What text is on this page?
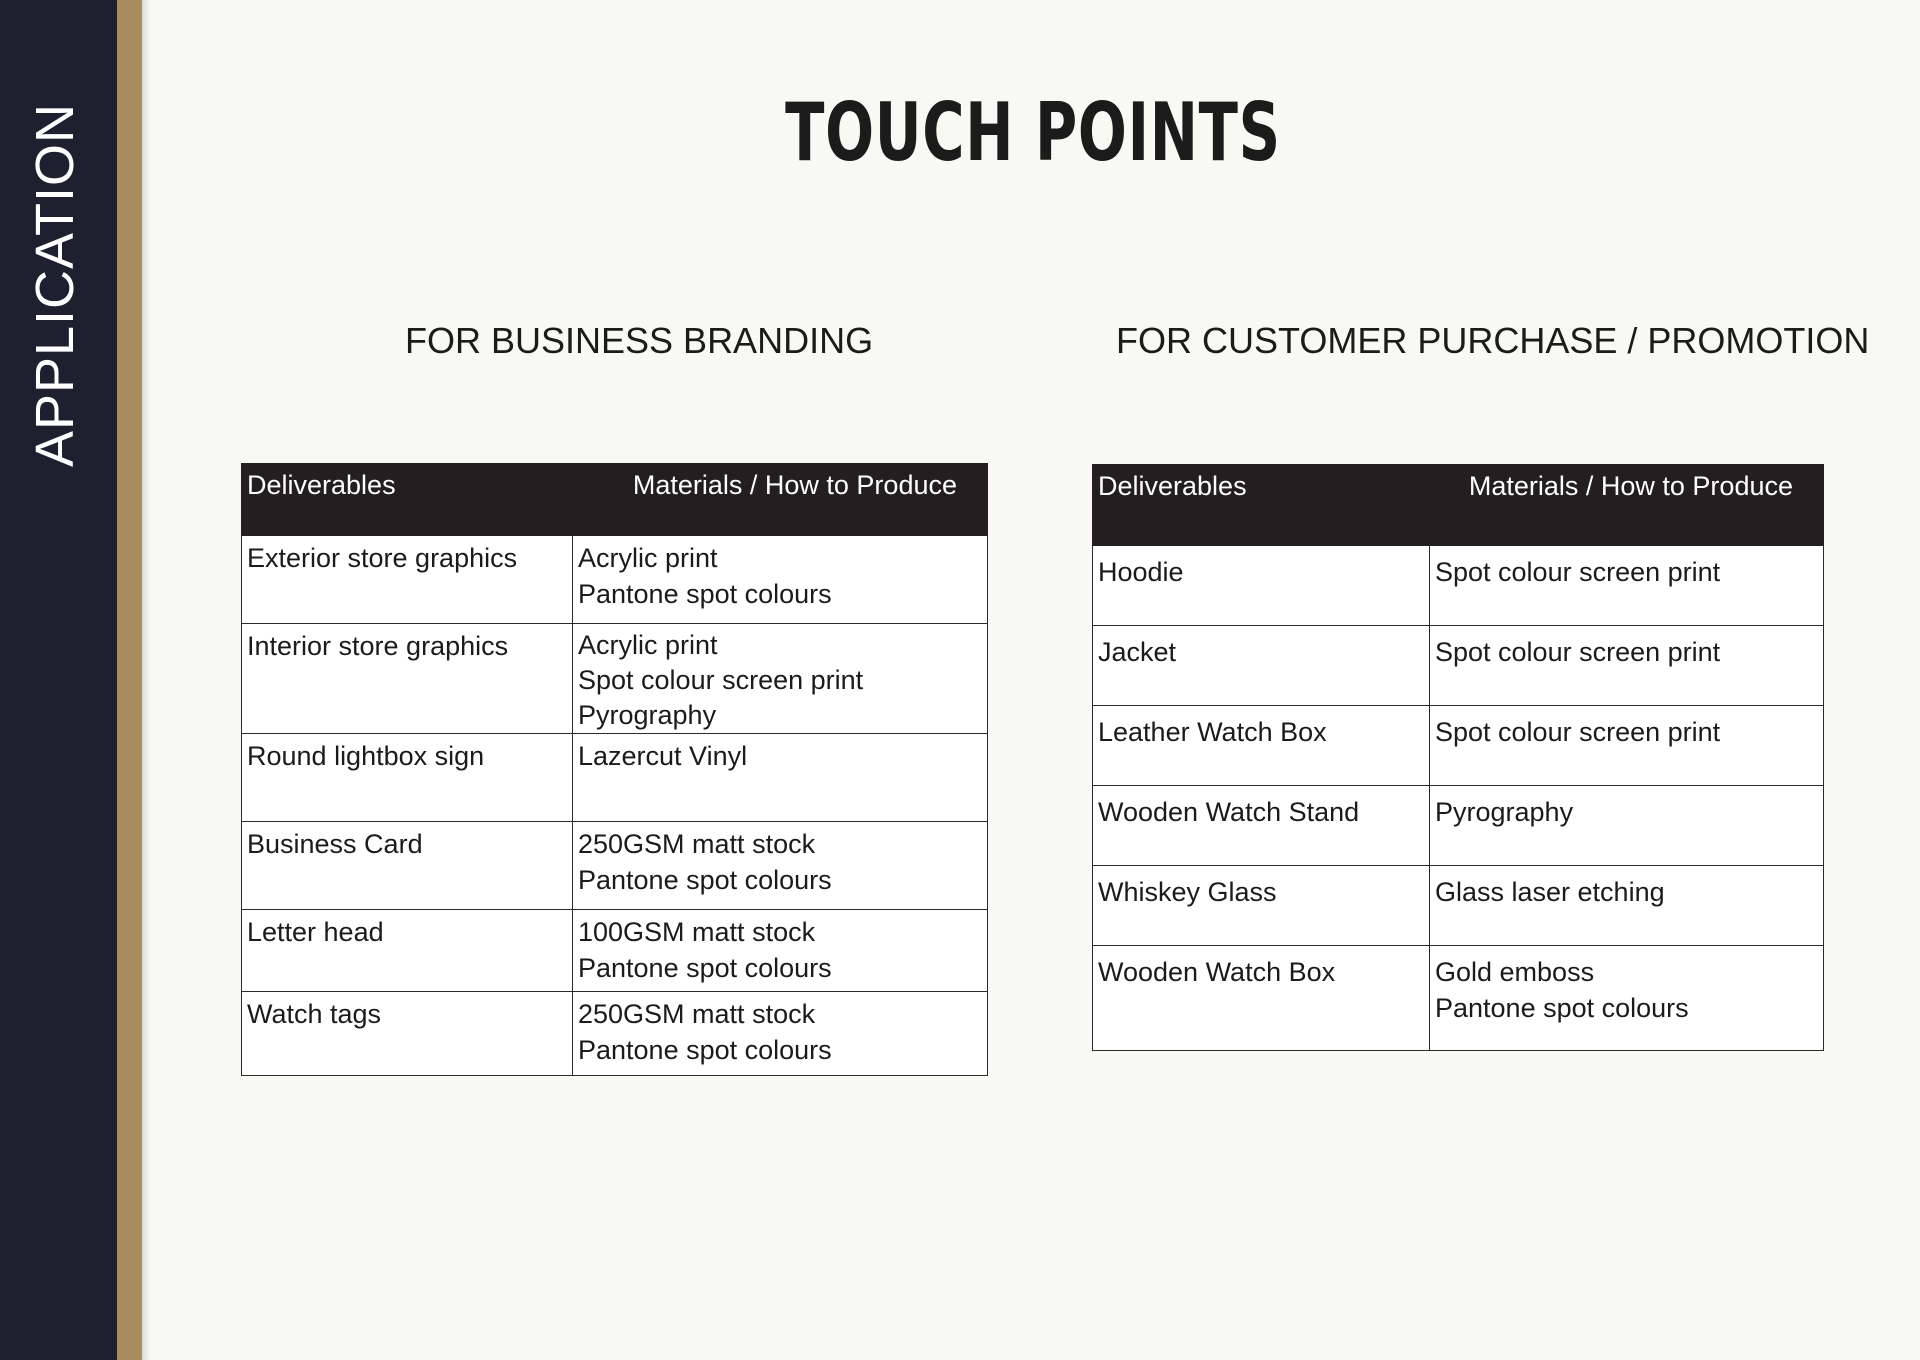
APPLICATION	TOUCH POINTS
FOR BUSINESS BRANDING	FOR CUSTOMER PURCHASE / PROMOTION
Deliverables	Materials / How to Produce
Exterior store graphics	Acrylic print
Pantone spot colours

Interior store graphics	Acrylic print
Spot colour screen print
Pyrography

Round lightbox sign	Lazercut Vinyl

Business Card	250GSM matt stock
Pantone spot colours

Letter head	100GSM matt stock
Pantone spot colours

Watch tags	250GSM matt stock
Pantone spot colours
Deliverables	Materials / How to Produce
Hoodie	Spot colour screen print

Jacket	Spot colour screen print

Leather Watch Box	Spot colour screen print

Wooden Watch Stand	Pyrography

Whiskey Glass	Glass laser etching

Wooden Watch Box	Gold emboss
Pantone spot colours
